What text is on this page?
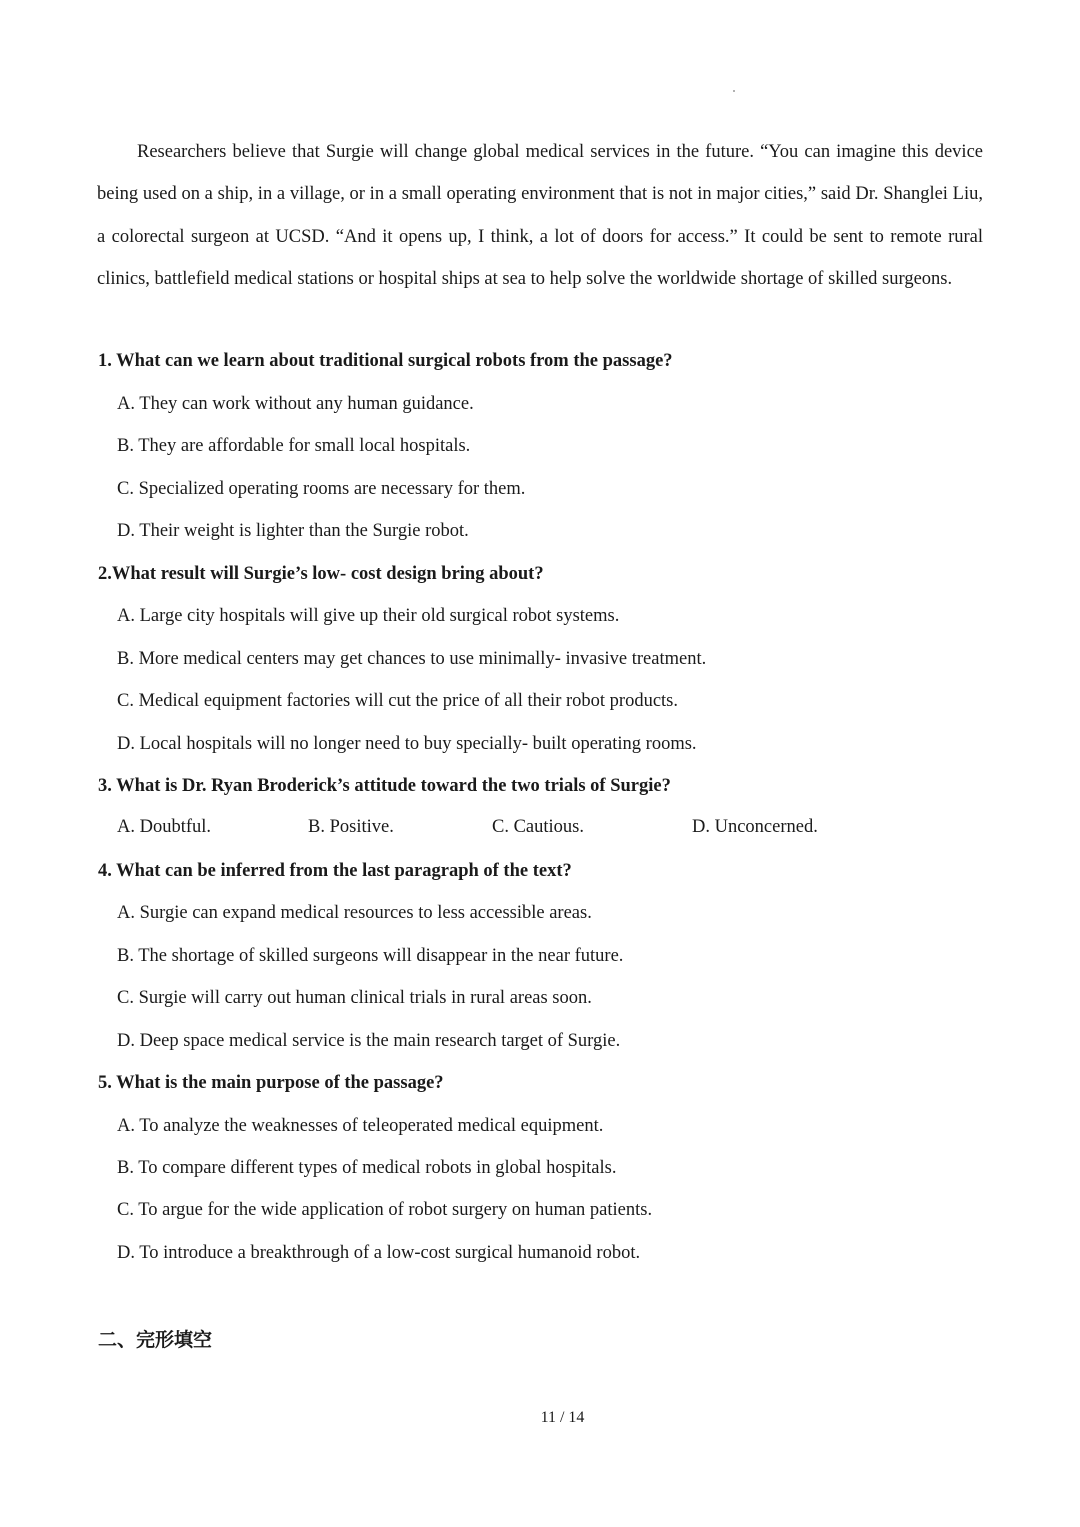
Researchers believe that Surgie will change global medical services in the future. “You can imagine this device being used on a ship, in a village, or in a small operating environment that is not in major cities,” said Dr. Shanglei Liu, a colorectal surgeon at UCSD. “And it opens up, I think, a lot of doors for access.” It could be sent to remote rural clinics, battlefield medical stations or hospital ships at sea to help solve the worldwide shortage of skilled surgeons.

1. What can we learn about traditional surgical robots from the passage?

A. They can work without any human guidance.

B. They are affordable for small local hospitals.

C. Specialized operating rooms are necessary for them.

D. Their weight is lighter than the Surgie robot.

2.What result will Surgie’s low- cost design bring about?

A. Large city hospitals will give up their old surgical robot systems.

B. More medical centers may get chances to use minimally- invasive treatment.

C. Medical equipment factories will cut the price of all their robot products.

D. Local hospitals will no longer need to buy specially- built operating rooms.

3. What is Dr. Ryan Broderick’s attitude toward the two trials of Surgie?

A. Doubtful.	B. Positive.	C. Cautious.	D. Unconcerned.

4. What can be inferred from the last paragraph of the text?

A. Surgie can expand medical resources to less accessible areas.

B. The shortage of skilled surgeons will disappear in the near future.

C. Surgie will carry out human clinical trials in rural areas soon.

D. Deep space medical service is the main research target of Surgie.

5. What is the main purpose of the passage?

A. To analyze the weaknesses of teleoperated medical equipment.

B. To compare different types of medical robots in global hospitals.

C. To argue for the wide application of robot surgery on human patients.

D. To introduce a breakthrough of a low-cost surgical humanoid robot.

二、完形填空

11 / 14
